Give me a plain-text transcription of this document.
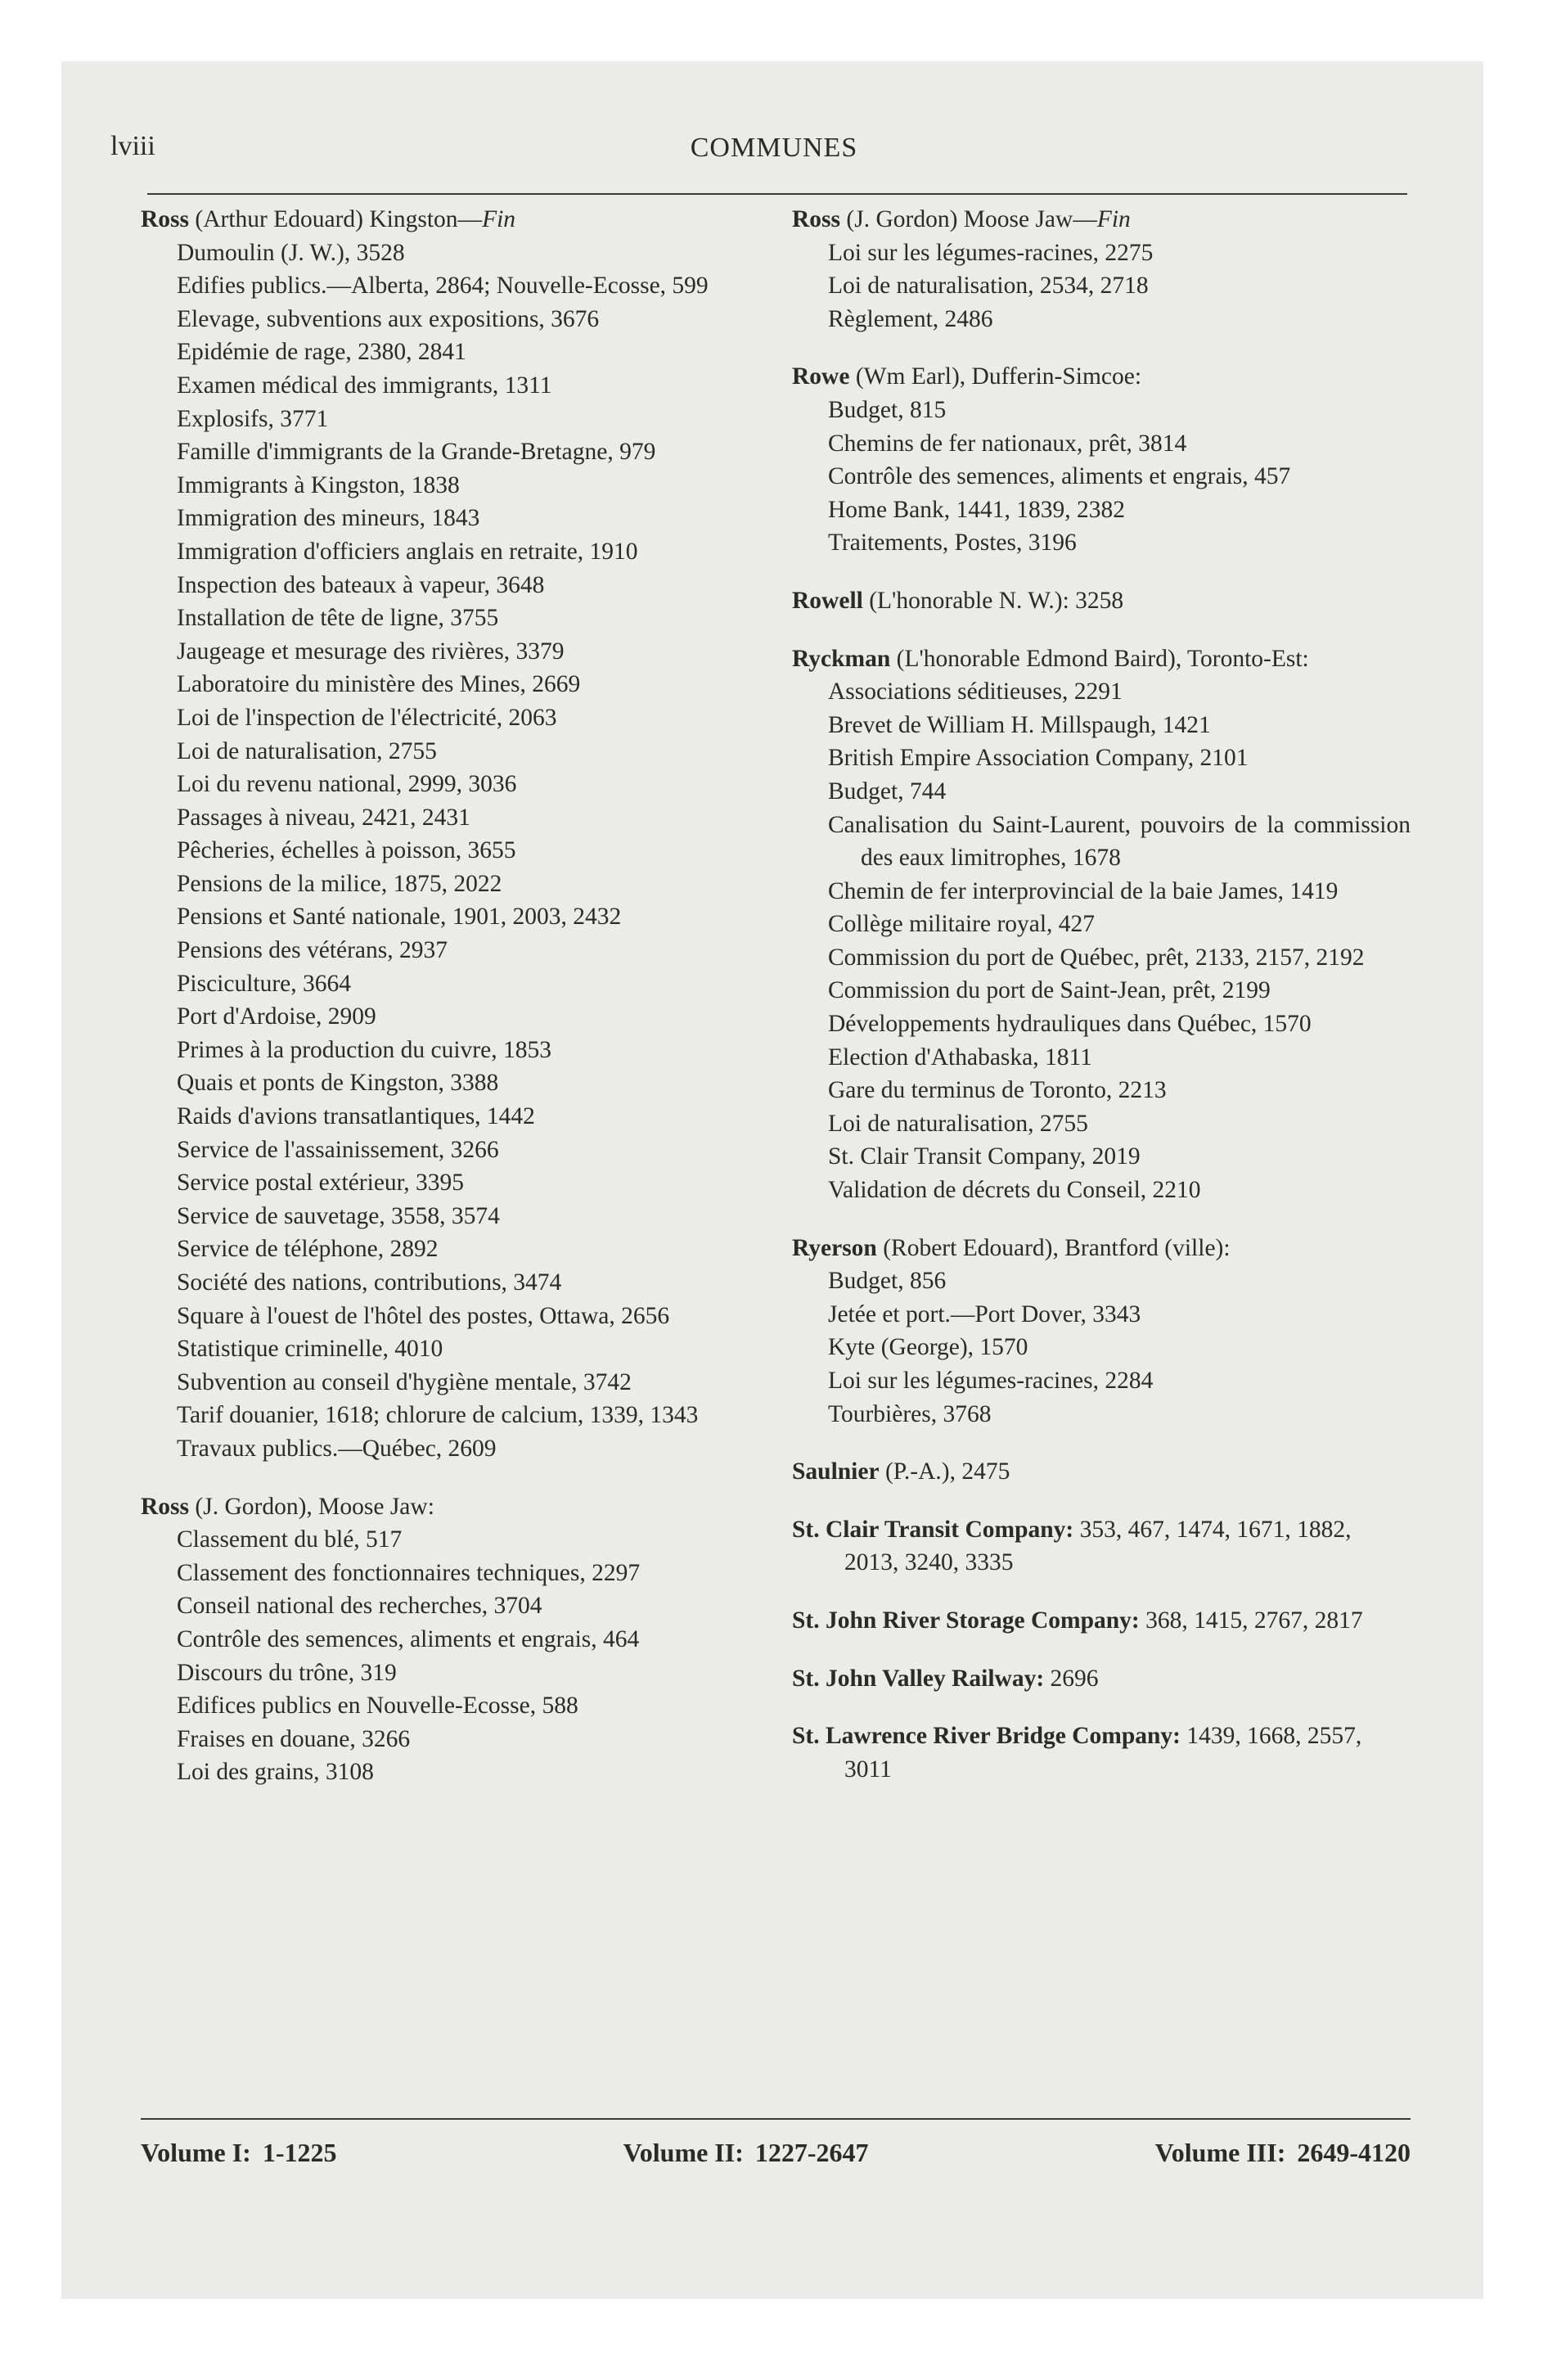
lviii	COMMUNES
Ross (Arthur Edouard) Kingston—Fin
Dumoulin (J. W.), 3528
Edifies publics.—Alberta, 2864; Nouvelle-Ecosse, 599
Elevage, subventions aux expositions, 3676
Epidémie de rage, 2380, 2841
Examen médical des immigrants, 1311
Explosifs, 3771
Famille d'immigrants de la Grande-Bretagne, 979
Immigrants à Kingston, 1838
Immigration des mineurs, 1843
Immigration d'officiers anglais en retraite, 1910
Inspection des bateaux à vapeur, 3648
Installation de tête de ligne, 3755
Jaugeage et mesurage des rivières, 3379
Laboratoire du ministère des Mines, 2669
Loi de l'inspection de l'électricité, 2063
Loi de naturalisation, 2755
Loi du revenu national, 2999, 3036
Passages à niveau, 2421, 2431
Pêcheries, échelles à poisson, 3655
Pensions de la milice, 1875, 2022
Pensions et Santé nationale, 1901, 2003, 2432
Pensions des vétérans, 2937
Pisciculture, 3664
Port d'Ardoise, 2909
Primes à la production du cuivre, 1853
Quais et ponts de Kingston, 3388
Raids d'avions transatlantiques, 1442
Service de l'assainissement, 3266
Service postal extérieur, 3395
Service de sauvetage, 3558, 3574
Service de téléphone, 2892
Société des nations, contributions, 3474
Square à l'ouest de l'hôtel des postes, Ottawa, 2656
Statistique criminelle, 4010
Subvention au conseil d'hygiène mentale, 3742
Tarif douanier, 1618; chlorure de calcium, 1339, 1343
Travaux publics.—Québec, 2609
Ross (J. Gordon), Moose Jaw:
Classement du blé, 517
Classement des fonctionnaires techniques, 2297
Conseil national des recherches, 3704
Contrôle des semences, aliments et engrais, 464
Discours du trône, 319
Edifices publics en Nouvelle-Ecosse, 588
Fraises en douane, 3266
Loi des grains, 3108
Ross (J. Gordon) Moose Jaw—Fin
Loi sur les légumes-racines, 2275
Loi de naturalisation, 2534, 2718
Règlement, 2486
Rowe (Wm Earl), Dufferin-Simcoe:
Budget, 815
Chemins de fer nationaux, prêt, 3814
Contrôle des semences, aliments et engrais, 457
Home Bank, 1441, 1839, 2382
Traitements, Postes, 3196
Rowell (L'honorable N. W.): 3258
Ryckman (L'honorable Edmond Baird), Toronto-Est:
Associations séditieuses, 2291
Brevet de William H. Millspaugh, 1421
British Empire Association Company, 2101
Budget, 744
Canalisation du Saint-Laurent, pouvoirs de la commission des eaux limitrophes, 1678
Chemin de fer interprovincial de la baie James, 1419
Collège militaire royal, 427
Commission du port de Québec, prêt, 2133, 2157, 2192
Commission du port de Saint-Jean, prêt, 2199
Développements hydrauliques dans Québec, 1570
Election d'Athabaska, 1811
Gare du terminus de Toronto, 2213
Loi de naturalisation, 2755
St. Clair Transit Company, 2019
Validation de décrets du Conseil, 2210
Ryerson (Robert Edouard), Brantford (ville):
Budget, 856
Jetée et port.—Port Dover, 3343
Kyte (George), 1570
Loi sur les légumes-racines, 2284
Tourbières, 3768
Saulnier (P.-A.), 2475
St. Clair Transit Company: 353, 467, 1474, 1671, 1882, 2013, 3240, 3335
St. John River Storage Company: 368, 1415, 2767, 2817
St. John Valley Railway: 2696
St. Lawrence River Bridge Company: 1439, 1668, 2557, 3011
Volume I: 1-1225	Volume II: 1227-2647	Volume III: 2649-4120
